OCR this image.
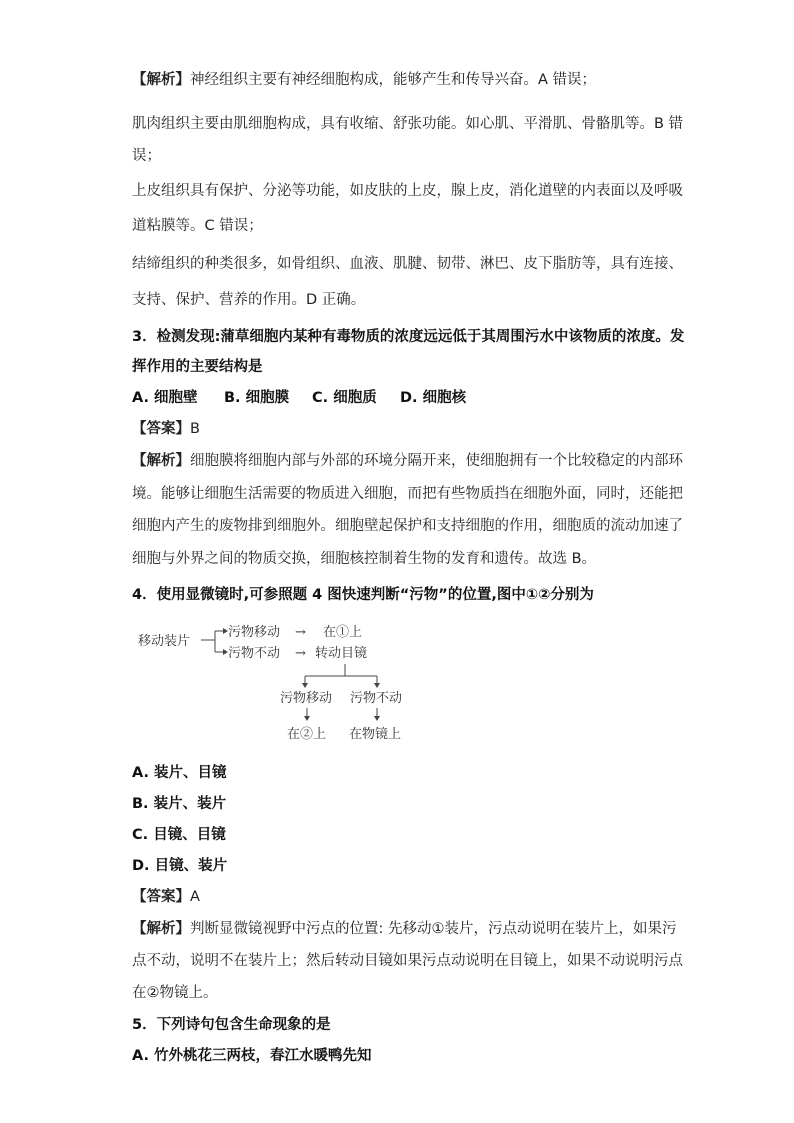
【解析】神经组织主要有神经细胞构成，能够产生和传导兴奋。A 错误；
肌肉组织主要由肌细胞构成，具有收缩、舒张功能。如心肌、平滑肌、骨骼肌等。B 错
误；
上皮组织具有保护、分泌等功能，如皮肤的上皮，腺上皮，消化道壁的内表面以及呼吸
道粘膜等。C 错误；
结缔组织的种类很多，如骨组织、血液、肌腱、韧带、淋巴、皮下脂肪等，具有连接、
支持、保护、营养的作用。D 正确。
3．检测发现:蒲草细胞内某种有毒物质的浓度远远低于其周围污水中该物质的浓度。发
挥作用的主要结构是
A. 细胞壁 B. 细胞膜 C. 细胞质 D. 细胞核
【答案】B
【解析】细胞膜将细胞内部与外部的环境分隔开来，使细胞拥有一个比较稳定的内部环
境。能够让细胞生活需要的物质进入细胞，而把有些物质挡在细胞外面，同时，还能把
细胞内产生的废物排到细胞外。细胞壁起保护和支持细胞的作用，细胞质的流动加速了
细胞与外界之间的物质交换，细胞核控制着生物的发育和遗传。故选 B。
4．使用显微镜时,可参照题 4 图快速判断“污物”的位置,图中①②分别为
移动装片
污物移动 → 在①上
污物不动 → 转动目镜
污物移动 污物不动
在②上 在物镜上
A. 装片、目镜
B. 装片、装片
C. 目镜、目镜
D. 目镜、装片
【答案】A
【解析】判断显微镜视野中污点的位置: 先移动①装片，污点动说明在装片上，如果污
点不动，说明不在装片上；然后转动目镜如果污点动说明在目镜上，如果不动说明污点
在②物镜上。
5．下列诗句包含生命现象的是
A. 竹外桃花三两枝，春江水暖鸭先知
